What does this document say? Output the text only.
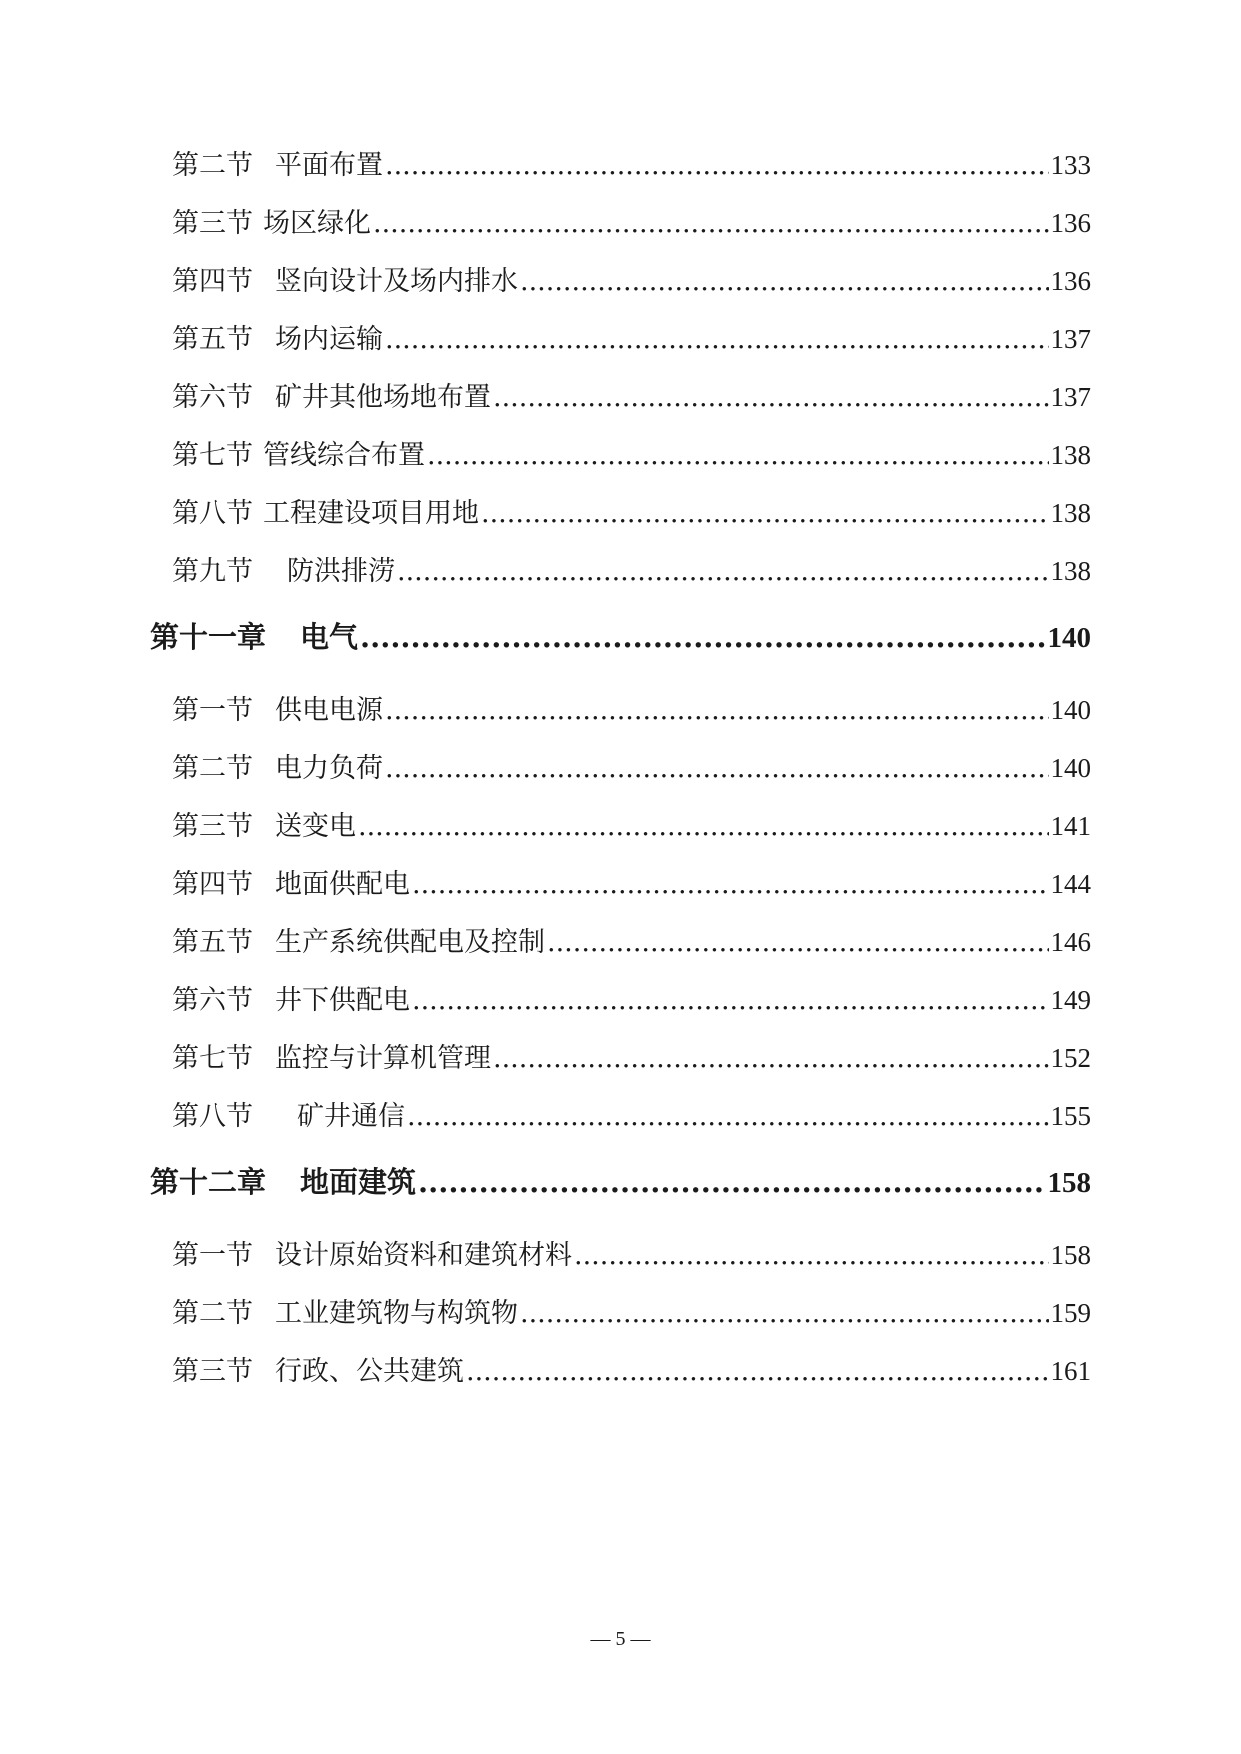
第二节 平面布置 .....	133
第三节 场区绿化 .....	136
第四节 竖向设计及场内排水 .....	136
第五节 场内运输 .....	137
第六节 矿井其他场地布置 .....	137
第七节 管线综合布置 .....	138
第八节 工程建设项目用地 .....	138
第九节 防洪排涝 .....	138
第十一章 电气 .....	140
第一节 供电电源 .....	140
第二节 电力负荷 .....	140
第三节 送变电 .....	141
第四节 地面供配电 .....	144
第五节 生产系统供配电及控制 .....	146
第六节 井下供配电 .....	149
第七节 监控与计算机管理 .....	152
第八节 矿井通信 .....	155
第十二章 地面建筑 .....	158
第一节 设计原始资料和建筑材料 .....	158
第二节 工业建筑物与构筑物 .....	159
第三节 行政、公共建筑 .....	161
— 5 —
